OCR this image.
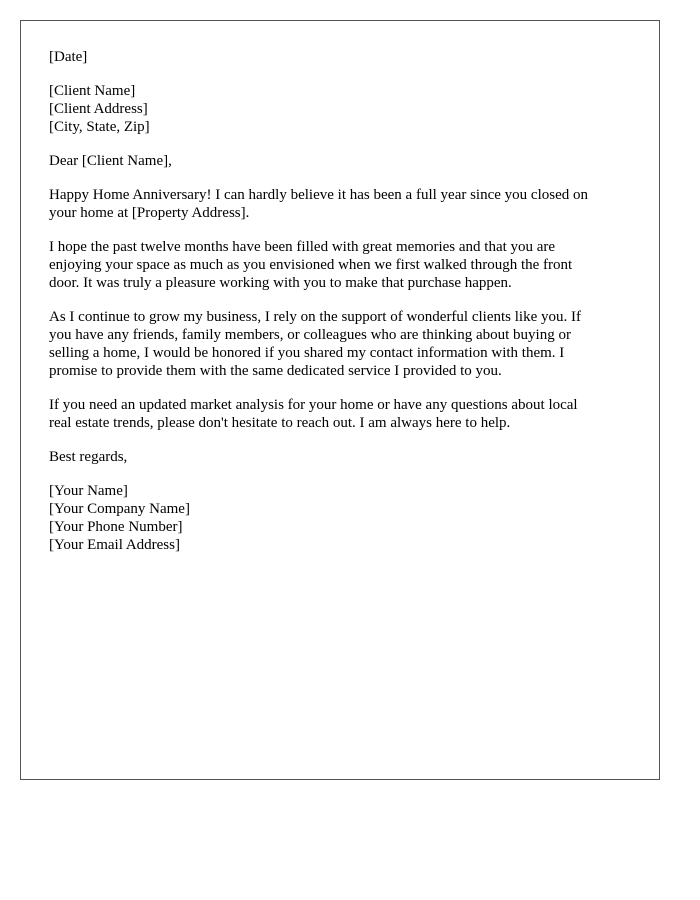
[Date]

[Client Name]
[Client Address]
[City, State, Zip]

Dear [Client Name],

Happy Home Anniversary! I can hardly believe it has been a full year since you closed on
your home at [Property Address].

I hope the past twelve months have been filled with great memories and that you are
enjoying your space as much as you envisioned when we first walked through the front
door. It was truly a pleasure working with you to make that purchase happen.

As I continue to grow my business, I rely on the support of wonderful clients like you. If
you have any friends, family members, or colleagues who are thinking about buying or
selling a home, I would be honored if you shared my contact information with them. I
promise to provide them with the same dedicated service I provided to you.

If you need an updated market analysis for your home or have any questions about local
real estate trends, please don't hesitate to reach out. I am always here to help.

Best regards,

[Your Name]
[Your Company Name]
[Your Phone Number]
[Your Email Address]
